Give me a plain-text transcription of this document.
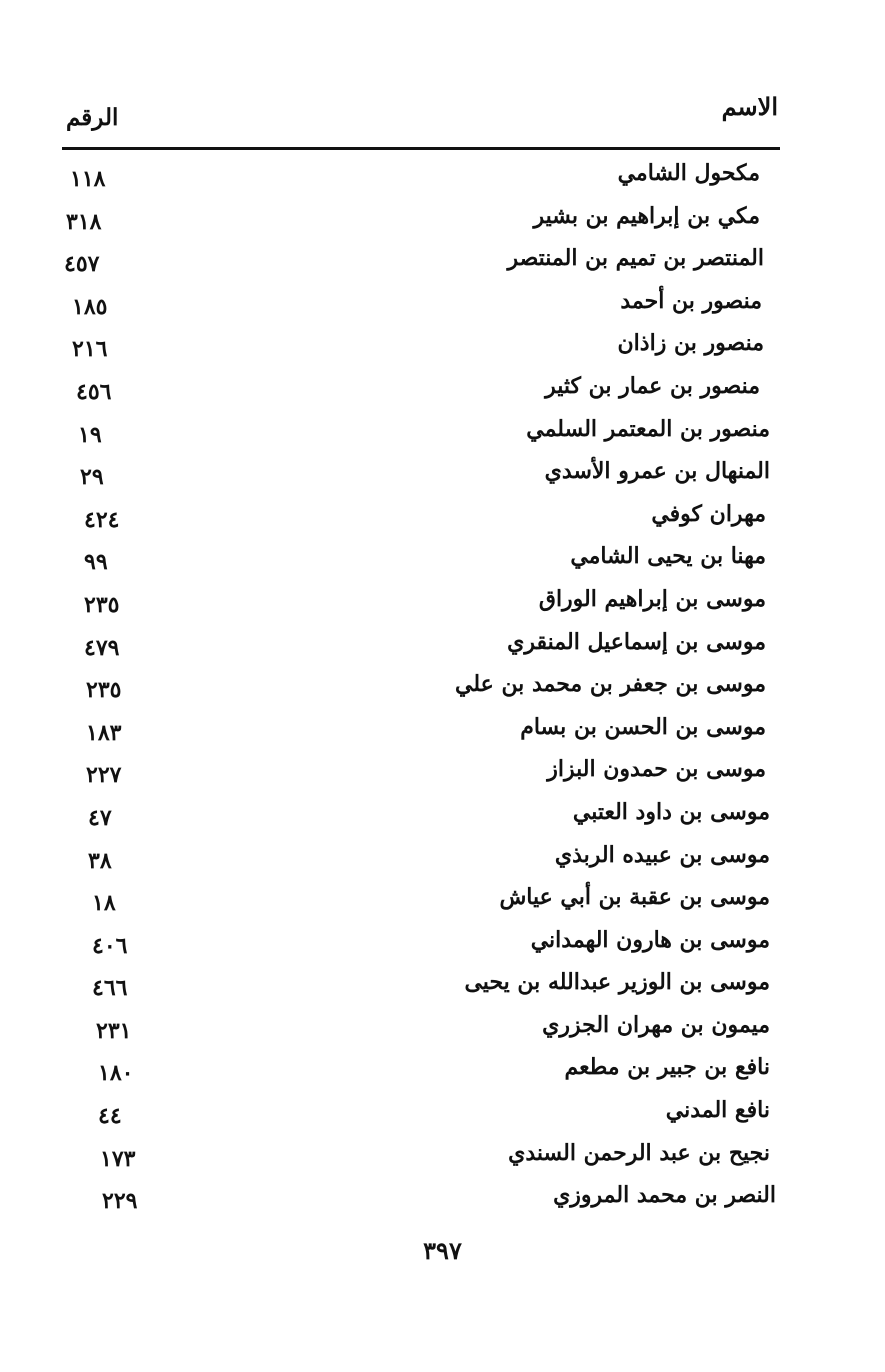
الاسم
الرقم
مكحول الشامي
١١٨
مكي بن إبراهيم بن بشير
٣١٨
المنتصر بن تميم بن المنتصر
٤٥٧
منصور بن أحمد
١٨٥
منصور بن زاذان
٢١٦
منصور بن عمار بن كثير
٤٥٦
منصور بن المعتمر السلمي
١٩
المنهال بن عمرو الأسدي
٢٩
مهران كوفي
٤٢٤
مهنا بن يحيى الشامي
٩٩
موسى بن إبراهيم الوراق
٢٣٥
موسى بن إسماعيل المنقري
٤٧٩
موسى بن جعفر بن محمد بن علي
٢٣٥
موسى بن الحسن بن بسام
١٨٣
موسى بن حمدون البزاز
٢٢٧
موسى بن داود العتبي
٤٧
موسى بن عبيده الربذي
٣٨
موسى بن عقبة بن أبي عياش
١٨
موسى بن هارون الهمداني
٤٠٦
موسى بن الوزير عبدالله بن يحيى
٤٦٦
ميمون بن مهران الجزري
٢٣١
نافع بن جبير بن مطعم
١٨٠
نافع المدني
٤٤
نجيح بن عبد الرحمن السندي
١٧٣
النصر بن محمد المروزي
٢٢٩
٣٩٧
